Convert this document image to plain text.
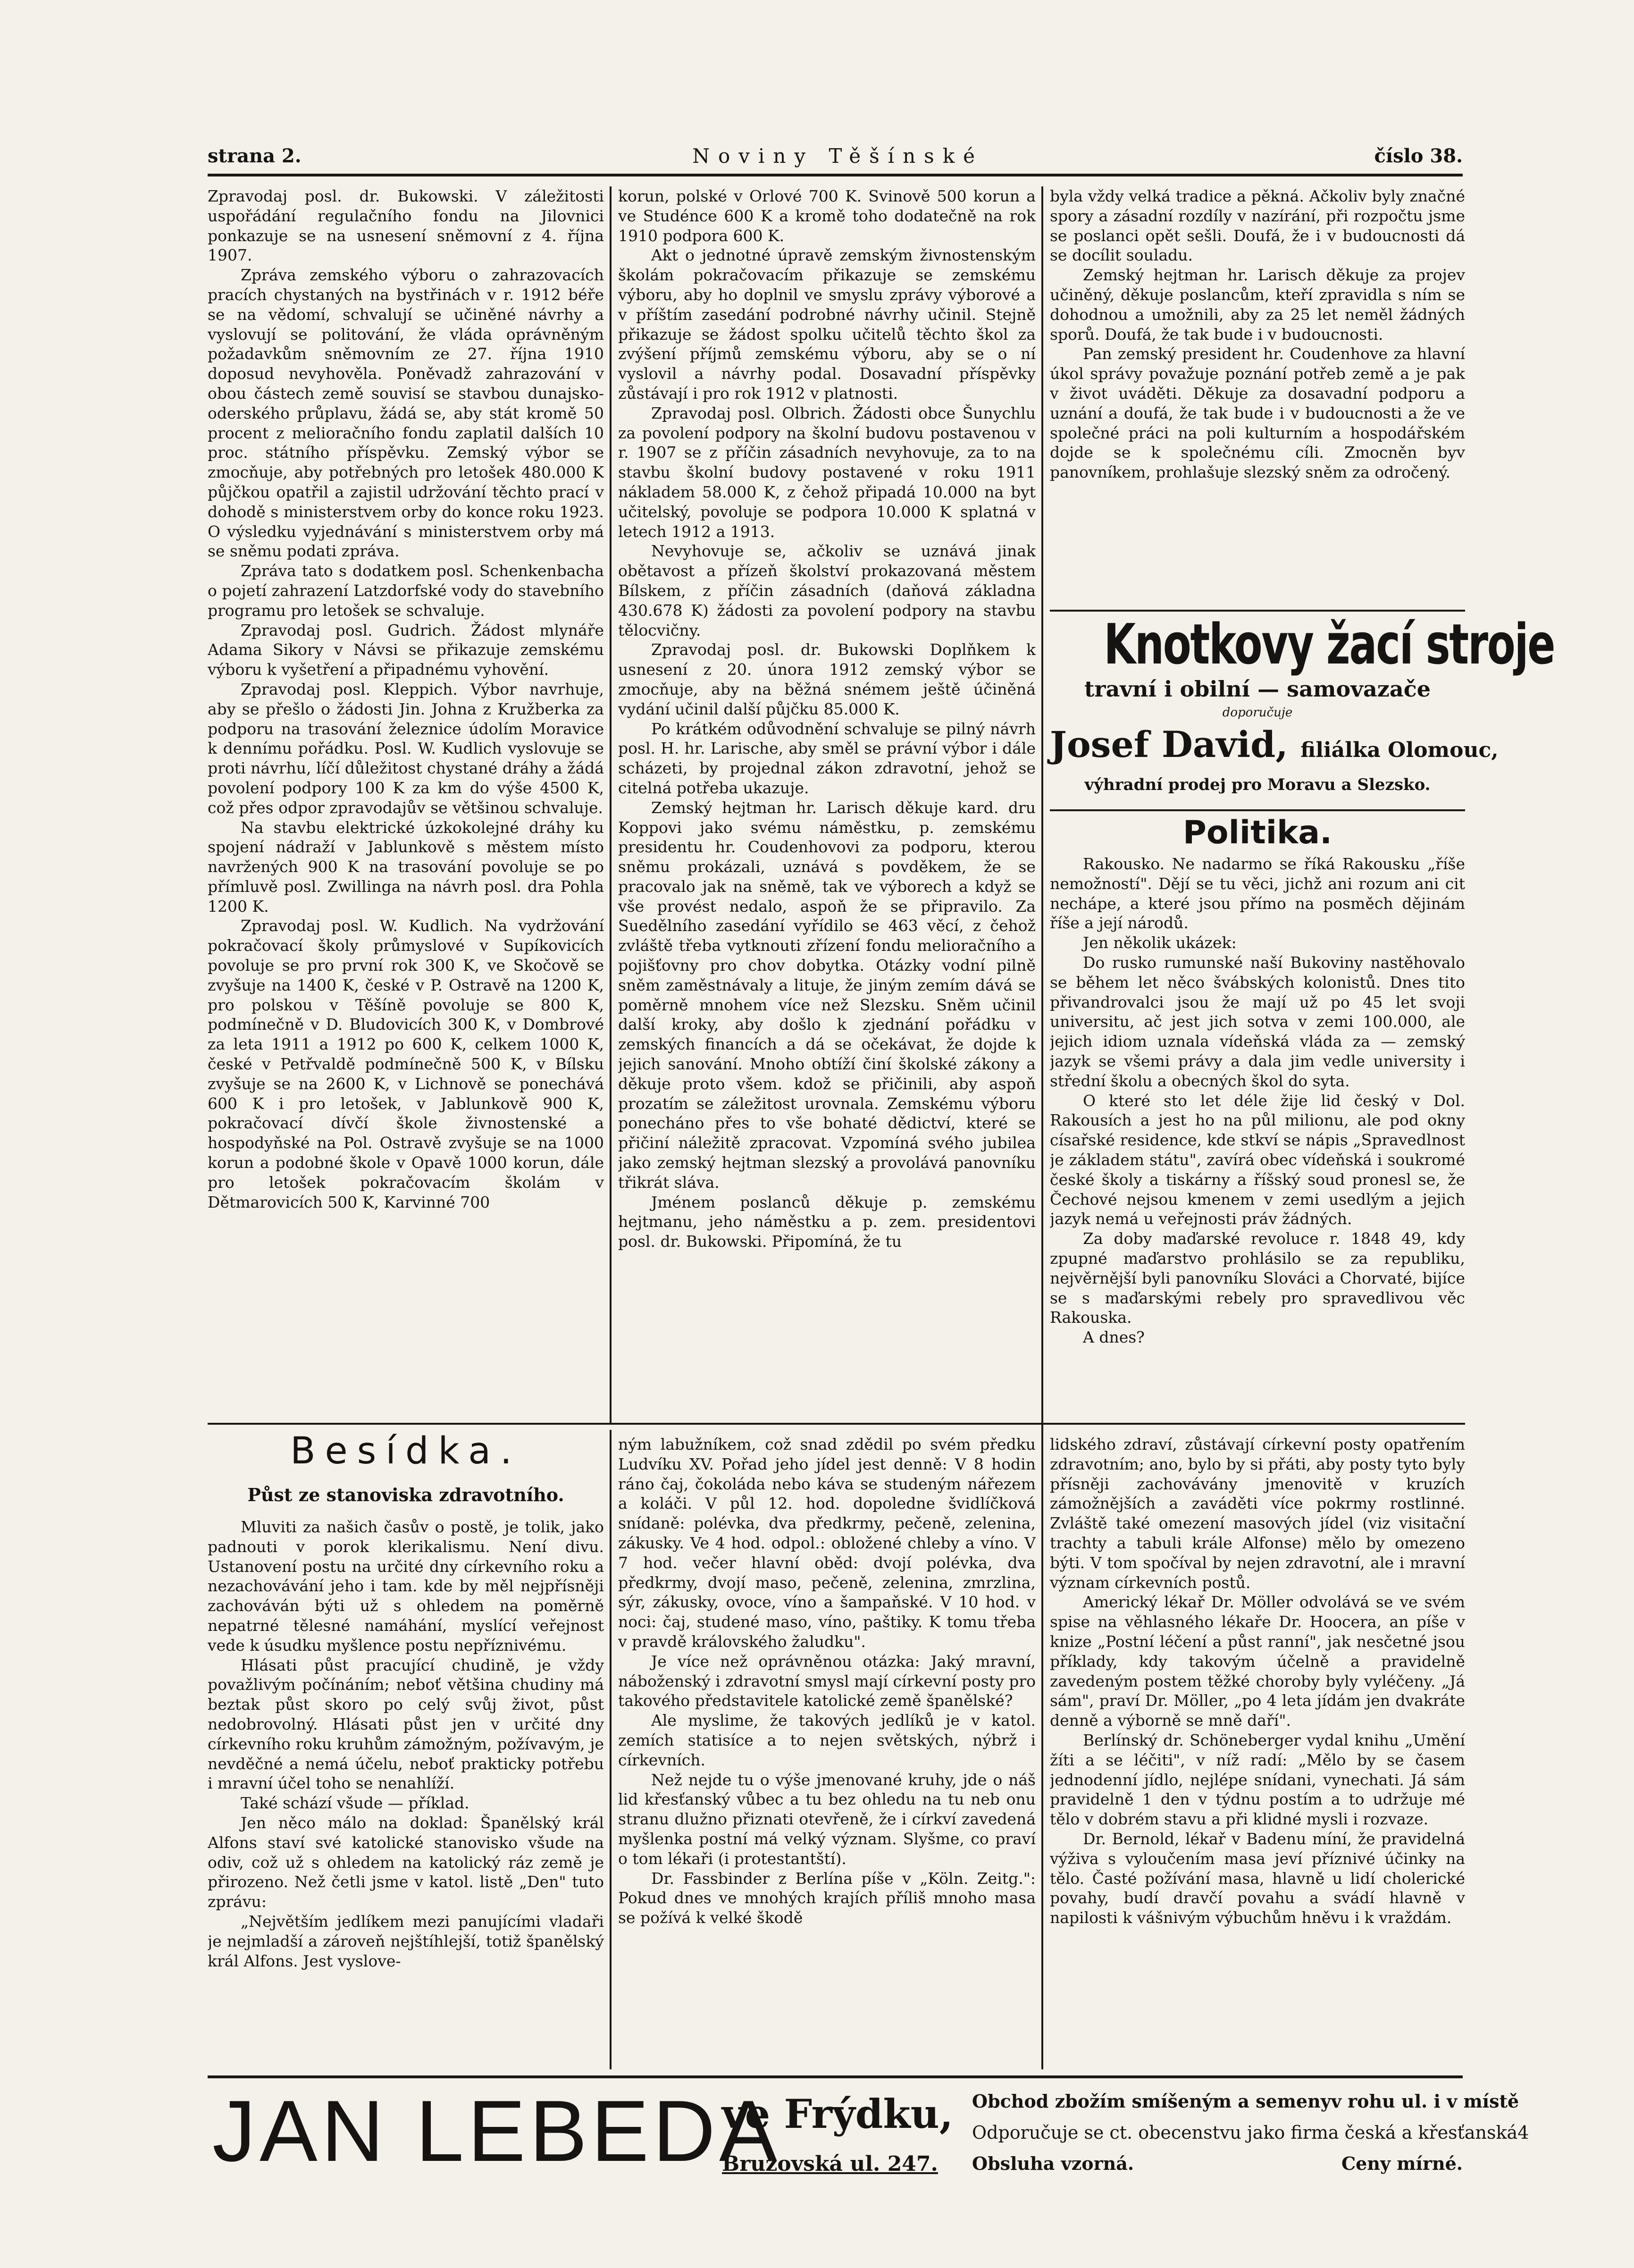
strana 2.	Noviny Těšínské	číslo 38.

Zpravodaj posl. dr. Bukowski. V záležitosti uspořádání regulačního fondu na Jilovnici ponkazuje se na usnesení sněmovní z 4. října 1907.

Zpráva zemského výboru o zahrazovacích pracích chystaných na bystřinách v r. 1912 béře se na vědomí, schvalují se učiněné návrhy a vyslovují se politování, že vláda oprávněným požadavkům sněmovním ze 27. října 1910 doposud nevyhověla. Poněvadž zahrazování v obou částech země souvisí se stavbou dunajsko-oderského průplavu, žádá se, aby stát kromě 50 procent z melioračního fondu zaplatil dalších 10 proc. státního příspěvku. Zemský výbor se zmocňuje, aby potřebných pro letošek 480.000 K půjčkou opatřil a zajistil udržování těchto prací v dohodě s ministerstvem orby do konce roku 1923. O výsledku vyjednávání s ministerstvem orby má se sněmu podati zpráva.

Zpráva tato s dodatkem posl. Schenkenbacha o pojetí zahrazení Latzdorfské vody do stavebního programu pro letošek se schvaluje.

Zpravodaj posl. Gudrich. Žádost mlynáře Adama Sikory v Návsi se přikazuje zemskému výboru k vyšetření a připadnému vyhovění.

Zpravodaj posl. Kleppich. Výbor navrhuje, aby se přešlo o žádosti Jin. Johna z Kružberka za podporu na trasování železnice údolím Moravice k dennímu pořádku. Posl. W. Kudlich vyslovuje se proti návrhu, líčí důležitost chystané dráhy a žádá povolení podpory 100 K za km do výše 4500 K, což přes odpor zpravodajův se většinou schvaluje.

Na stavbu elektrické úzkokolejné dráhy ku spojení nádraží v Jablunkově s městem místo navržených 900 K na trasování povoluje se po přímluvě posl. Zwillinga na návrh posl. dra Pohla 1200 K.

Zpravodaj posl. W. Kudlich. Na vydržování pokračovací školy průmyslové v Supíkovicích povoluje se pro první rok 300 K, ve Skočově se zvyšuje na 1400 K, české v P. Ostravě na 1200 K, pro polskou v Těšíně povoluje se 800 K, podmínečně v D. Bludovicích 300 K, v Dombrové za leta 1911 a 1912 po 600 K, celkem 1000 K, české v Petřvaldě podmínečně 500 K, v Bílsku zvyšuje se na 2600 K, v Lichnově se ponechává 600 K i pro letošek, v Jablunkově 900 K, pokračovací dívčí škole živnostenské a hospodyňské na Pol. Ostravě zvyšuje se na 1000 korun a podobné škole v Opavě 1000 korun, dále pro letošek pokračovacím školám v Dětmarovicích 500 K, Karvinné 700

korun, polské v Orlové 700 K. Svinově 500 korun a ve Studénce 600 K a kromě toho dodatečně na rok 1910 podpora 600 K.

Akt o jednotné úpravě zemským živnostenským školám pokračovacím přikazuje se zemskému výboru, aby ho doplnil ve smyslu zprávy výborové a v příštím zasedání podrobné návrhy učinil. Stejně přikazuje se žádost spolku učitelů těchto škol za zvýšení příjmů zemskému výboru, aby se o ní vyslovil a návrhy podal. Dosavadní příspěvky zůstávají i pro rok 1912 v platnosti.

Zpravodaj posl. Olbrich. Žádosti obce Šunychlu za povolení podpory na školní budovu postavenou v r. 1907 se z příčin zásadních nevyhovuje, za to na stavbu školní budovy postavené v roku 1911 nákladem 58.000 K, z čehož připadá 10.000 na byt učitelský, povoluje se podpora 10.000 K splatná v letech 1912 a 1913.

Nevyhovuje se, ačkoliv se uznává jinak obětavost a přízeň školství prokazovaná městem Bílskem, z příčin zásadních (daňová základna 430.678 K) žádosti za povolení podpory na stavbu tělocvičny.

Zpravodaj posl. dr. Bukowski Doplňkem k usnesení z 20. února 1912 zemský výbor se zmocňuje, aby na běžná snémem ještě účiněná vydání učinil další půjčku 85.000 K.

Po krátkém odůvodnění schvaluje se pilný návrh posl. H. hr. Larische, aby směl se právní výbor i dále scházeti, by projednal zákon zdravotní, jehož se citelná potřeba ukazuje.

Zemský hejtman hr. Larisch děkuje kard. dru Koppovi jako svému náměstku, p. zemskému presidentu hr. Coudenhovovi za podporu, kterou sněmu prokázali, uznává s povděkem, že se pracovalo jak na sněmě, tak ve výborech a když se vše provést nedalo, aspoň že se připravilo. Za Suedělního zasedání vyřídilo se 463 věcí, z čehož zvláště třeba vytknouti zřízení fondu melioračního a pojišťovny pro chov dobytka. Otázky vodní pilně sněm zaměstnávaly a lituje, že jiným zemím dává se poměrně mnohem více než Slezsku. Sněm učinil další kroky, aby došlo k zjednání pořádku v zemských financích a dá se očekávat, že dojde k jejich sanování. Mnoho obtíží činí školské zákony a děkuje proto všem. kdož se přičinili, aby aspoň prozatím se záležitost urovnala. Zemskému výboru ponecháno přes to vše bohaté dědictví, které se přičiní náležitě zpracovat. Vzpomíná svého jubilea jako zemský hejtman slezský a provolává panovníku třikrát sláva.

Jménem poslanců děkuje p. zemskému hejtmanu, jeho náměstku a p. zem. presidentovi posl. dr. Bukowski. Připomíná, že tu

byla vždy velká tradice a pěkná. Ačkoliv byly značné spory a zásadní rozdíly v nazírání, při rozpočtu jsme se poslanci opět sešli. Doufá, že i v budoucnosti dá se docílit souladu.

Zemský hejtman hr. Larisch děkuje za projev učiněný, děkuje poslancům, kteří zpravidla s ním se dohodnou a umožnili, aby za 25 let neměl žádných sporů. Doufá, že tak bude i v budoucnosti.

Pan zemský president hr. Coudenhove za hlavní úkol správy považuje poznání potřeb země a je pak v život uváděti. Děkuje za dosavadní podporu a uznání a doufá, že tak bude i v budoucnosti a že ve společné práci na poli kulturním a hospodářském dojde se k společnému cíli. Zmocněn byv panovníkem, prohlašuje slezský sněm za odročený.

Knotkovy žací stroje
travní i obilní — samovazače
doporučuje
Josef David, filiálka Olomouc,
výhradní prodej pro Moravu a Slezsko.
Politika.

Rakousko. Ne nadarmo se říká Rakousku „říše nemožností". Dějí se tu věci, jichž ani rozum ani cit nechápe, a které jsou přímo na posměch dějinám říše a její národů.

Jen několik ukázek:

Do rusko rumunské naší Bukoviny nastěhovalo se během let něco švábských kolonistů. Dnes tito přivandrovalci jsou že mají už po 45 let svoji universitu, ač jest jich sotva v zemi 100.000, ale jejich idiom uznala vídeňská vláda za — zemský jazyk se všemi právy a dala jim vedle university i střední školu a obecných škol do syta.

O které sto let déle žije lid český v Dol. Rakousích a jest ho na půl milionu, ale pod okny císařské residence, kde stkví se nápis „Spravedlnost je základem státu", zavírá obec vídeňská i soukromé české školy a tiskárny a říšský soud pronesl se, že Čechové nejsou kmenem v zemi usedlým a jejich jazyk nemá u veřejnosti práv žádných.

Za doby maďarské revoluce r. 1848 49, kdy zpupné maďarstvo prohlásilo se za republiku, nejvěrnější byli panovníku Slováci a Chorvaté, bijíce se s maďarskými rebely pro spravedlivou věc Rakouska.

A dnes?

Besídka.
Půst ze stanoviska zdravotního.

Mluviti za našich časův o postě, je tolik, jako padnouti v porok klerikalismu. Není divu. Ustanovení postu na určité dny církevního roku a nezachovávání jeho i tam. kde by měl nejpřísněji zachováván býti už s ohledem na poměrně nepatrné tělesné namáhání, myslící veřejnost vede k úsudku myšlence postu nepříznivému.

Hlásati půst pracující chudině, je vždy považlivým počínáním; neboť většina chudiny má beztak půst skoro po celý svůj život, půst nedobrovolný. Hlásati půst jen v určité dny církevního roku kruhům zámožným, požívavým, je nevděčné a nemá účelu, neboť prakticky potřebu i mravní účel toho se nenahlíží.

Také schází všude — příklad.

Jen něco málo na doklad: Španělský král Alfons staví své katolické stanovisko všude na odiv, což už s ohledem na katolický ráz země je přirozeno. Než četli jsme v katol. listě „Den" tuto zprávu:

„Největším jedlíkem mezi panujícími vladaři je nejmladší a zároveň nejštíhlejší, totiž španělský král Alfons. Jest vyslove-

ným labužníkem, což snad zdědil po svém předku Ludvíku XV. Pořad jeho jídel jest denně: V 8 hodin ráno čaj, čokoláda nebo káva se studeným nářezem a koláči. V půl 12. hod. dopoledne švidlíčková snídaně: polévka, dva předkrmy, pečeně, zelenina, zákusky. Ve 4 hod. odpol.: obložené chleby a víno. V 7 hod. večer hlavní oběd: dvojí polévka, dva předkrmy, dvojí maso, pečeně, zelenina, zmrzlina, sýr, zákusky, ovoce, víno a šampaňské. V 10 hod. v noci: čaj, studené maso, víno, paštiky. K tomu třeba v pravdě královského žaludku".

Je více než oprávněnou otázka: Jaký mravní, náboženský i zdravotní smysl mají církevní posty pro takového představitele katolické země španělské?

Ale myslime, že takových jedlíků je v katol. zemích statisíce a to nejen světských, nýbrž i církevních.

Než nejde tu o výše jmenované kruhy, jde o náš lid křesťanský vůbec a tu bez ohledu na tu neb onu stranu dlužno přiznati otevřeně, že i církví zavedená myšlenka postní má velký význam. Slyšme, co praví o tom lékaři (i protestantští).

Dr. Fassbinder z Berlína píše v „Köln. Zeitg.": Pokud dnes ve mnohých krajích příliš mnoho masa se požívá k velké škodě

lidského zdraví, zůstávají církevní posty opatřením zdravotním; ano, bylo by si přáti, aby posty tyto byly přísněji zachovávány jmenovitě v kruzích zámožnějších a zaváděti více pokrmy rostlinné. Zvláště také omezení masových jídel (viz visitační trachty a tabuli krále Alfonse) mělo by omezeno býti. V tom spočíval by nejen zdravotní, ale i mravní význam církevních postů.

Americký lékař Dr. Möller odvolává se ve svém spise na věhlasného lékaře Dr. Hoocera, an píše v knize „Postní léčení a půst ranní", jak nesčetné jsou příklady, kdy takovým účelně a pravidelně zavedeným postem těžké choroby byly vyléčeny. „Já sám", praví Dr. Möller, „po 4 leta jídám jen dvakráte denně a výborně se mně daří".

Berlínský dr. Schöneberger vydal knihu „Umění žíti a se léčiti", v níž radí: „Mělo by se časem jednodenní jídlo, nejlépe snídani, vynechati. Já sám pravidelně 1 den v týdnu postím a to udržuje mé tělo v dobrém stavu a při klidné mysli i rozvaze.

Dr. Bernold, lékař v Badenu míní, že pravidelná výživa s vyloučením masa jeví příznivé účinky na tělo. Časté požívání masa, hlavně u lidí cholerické povahy, budí dravčí povahu a svádí hlavně v napilosti k vášnivým výbuchům hněvu i k vraždám.

JAN LEBEDA
ve Frýdku,
Bruzovská ul. 247.
Obchod zbožím smíšeným a semeny v rohu ul. i v místě
Odporučuje se ct. obecenstvu jako firma česká a křesťanská 4
Obsluha vzorná.	Ceny mírné.
